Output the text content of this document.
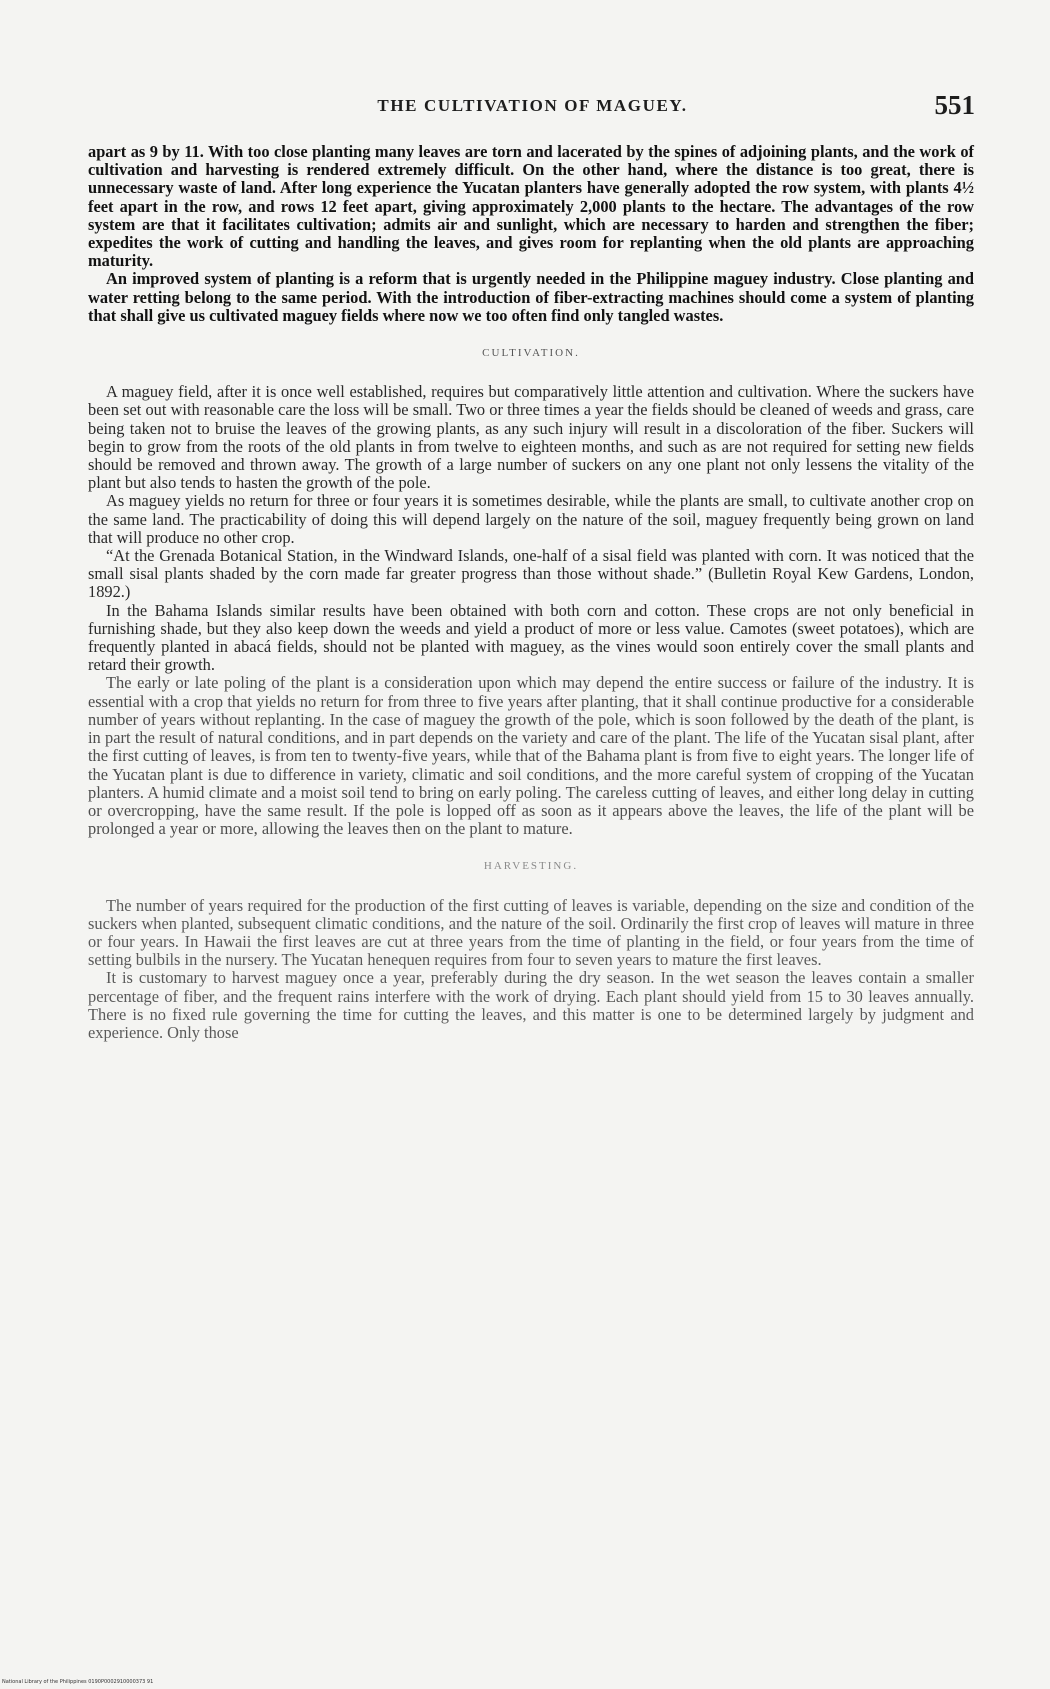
THE CULTIVATION OF MAGUEY.	551

apart as 9 by 11. With too close planting many leaves are torn and lacerated by the spines of adjoining plants, and the work of cultivation and harvesting is rendered extremely difficult. On the other hand, where the distance is too great, there is unnecessary waste of land. After long experience the Yucatan planters have generally adopted the row system, with plants 4½ feet apart in the row, and rows 12 feet apart, giving approximately 2,000 plants to the hectare. The advantages of the row system are that it facilitates cultivation; admits air and sunlight, which are necessary to harden and strengthen the fiber; expedites the work of cutting and handling the leaves, and gives room for replanting when the old plants are approaching maturity.

An improved system of planting is a reform that is urgently needed in the Philippine maguey industry. Close planting and water retting belong to the same period. With the introduction of fiber-extracting machines should come a system of planting that shall give us cultivated maguey fields where now we too often find only tangled wastes.

CULTIVATION.

A maguey field, after it is once well established, requires but comparatively little attention and cultivation. Where the suckers have been set out with reasonable care the loss will be small. Two or three times a year the fields should be cleaned of weeds and grass, care being taken not to bruise the leaves of the growing plants, as any such injury will result in a discoloration of the fiber. Suckers will begin to grow from the roots of the old plants in from twelve to eighteen months, and such as are not required for setting new fields should be removed and thrown away. The growth of a large number of suckers on any one plant not only lessens the vitality of the plant but also tends to hasten the growth of the pole.

As maguey yields no return for three or four years it is sometimes desirable, while the plants are small, to cultivate another crop on the same land. The practicability of doing this will depend largely on the nature of the soil, maguey frequently being grown on land that will produce no other crop.

“At the Grenada Botanical Station, in the Windward Islands, one-half of a sisal field was planted with corn. It was noticed that the small sisal plants shaded by the corn made far greater progress than those without shade.” (Bulletin Royal Kew Gardens, London, 1892.)

In the Bahama Islands similar results have been obtained with both corn and cotton. These crops are not only beneficial in furnishing shade, but they also keep down the weeds and yield a product of more or less value. Camotes (sweet potatoes), which are frequently planted in abacá fields, should not be planted with maguey, as the vines would soon entirely cover the small plants and retard their growth.

The early or late poling of the plant is a consideration upon which may depend the entire success or failure of the industry. It is essential with a crop that yields no return for from three to five years after planting, that it shall continue productive for a considerable number of years without replanting. In the case of maguey the growth of the pole, which is soon followed by the death of the plant, is in part the result of natural conditions, and in part depends on the variety and care of the plant. The life of the Yucatan sisal plant, after the first cutting of leaves, is from ten to twenty-five years, while that of the Bahama plant is from five to eight years. The longer life of the Yucatan plant is due to difference in variety, climatic and soil conditions, and the more careful system of cropping of the Yucatan planters. A humid climate and a moist soil tend to bring on early poling. The careless cutting of leaves, and either long delay in cutting or overcropping, have the same result. If the pole is lopped off as soon as it appears above the leaves, the life of the plant will be prolonged a year or more, allowing the leaves then on the plant to mature.

HARVESTING.

The number of years required for the production of the first cutting of leaves is variable, depending on the size and condition of the suckers when planted, subsequent climatic conditions, and the nature of the soil. Ordinarily the first crop of leaves will mature in three or four years. In Hawaii the first leaves are cut at three years from the time of planting in the field, or four years from the time of setting bulbils in the nursery. The Yucatan henequen requires from four to seven years to mature the first leaves.

It is customary to harvest maguey once a year, preferably during the dry season. In the wet season the leaves contain a smaller percentage of fiber, and the frequent rains interfere with the work of drying. Each plant should yield from 15 to 30 leaves annually. There is no fixed rule governing the time for cutting the leaves, and this matter is one to be determined largely by judgment and experience. Only those

National Library of the Philippines 0190P0002910000373 91
